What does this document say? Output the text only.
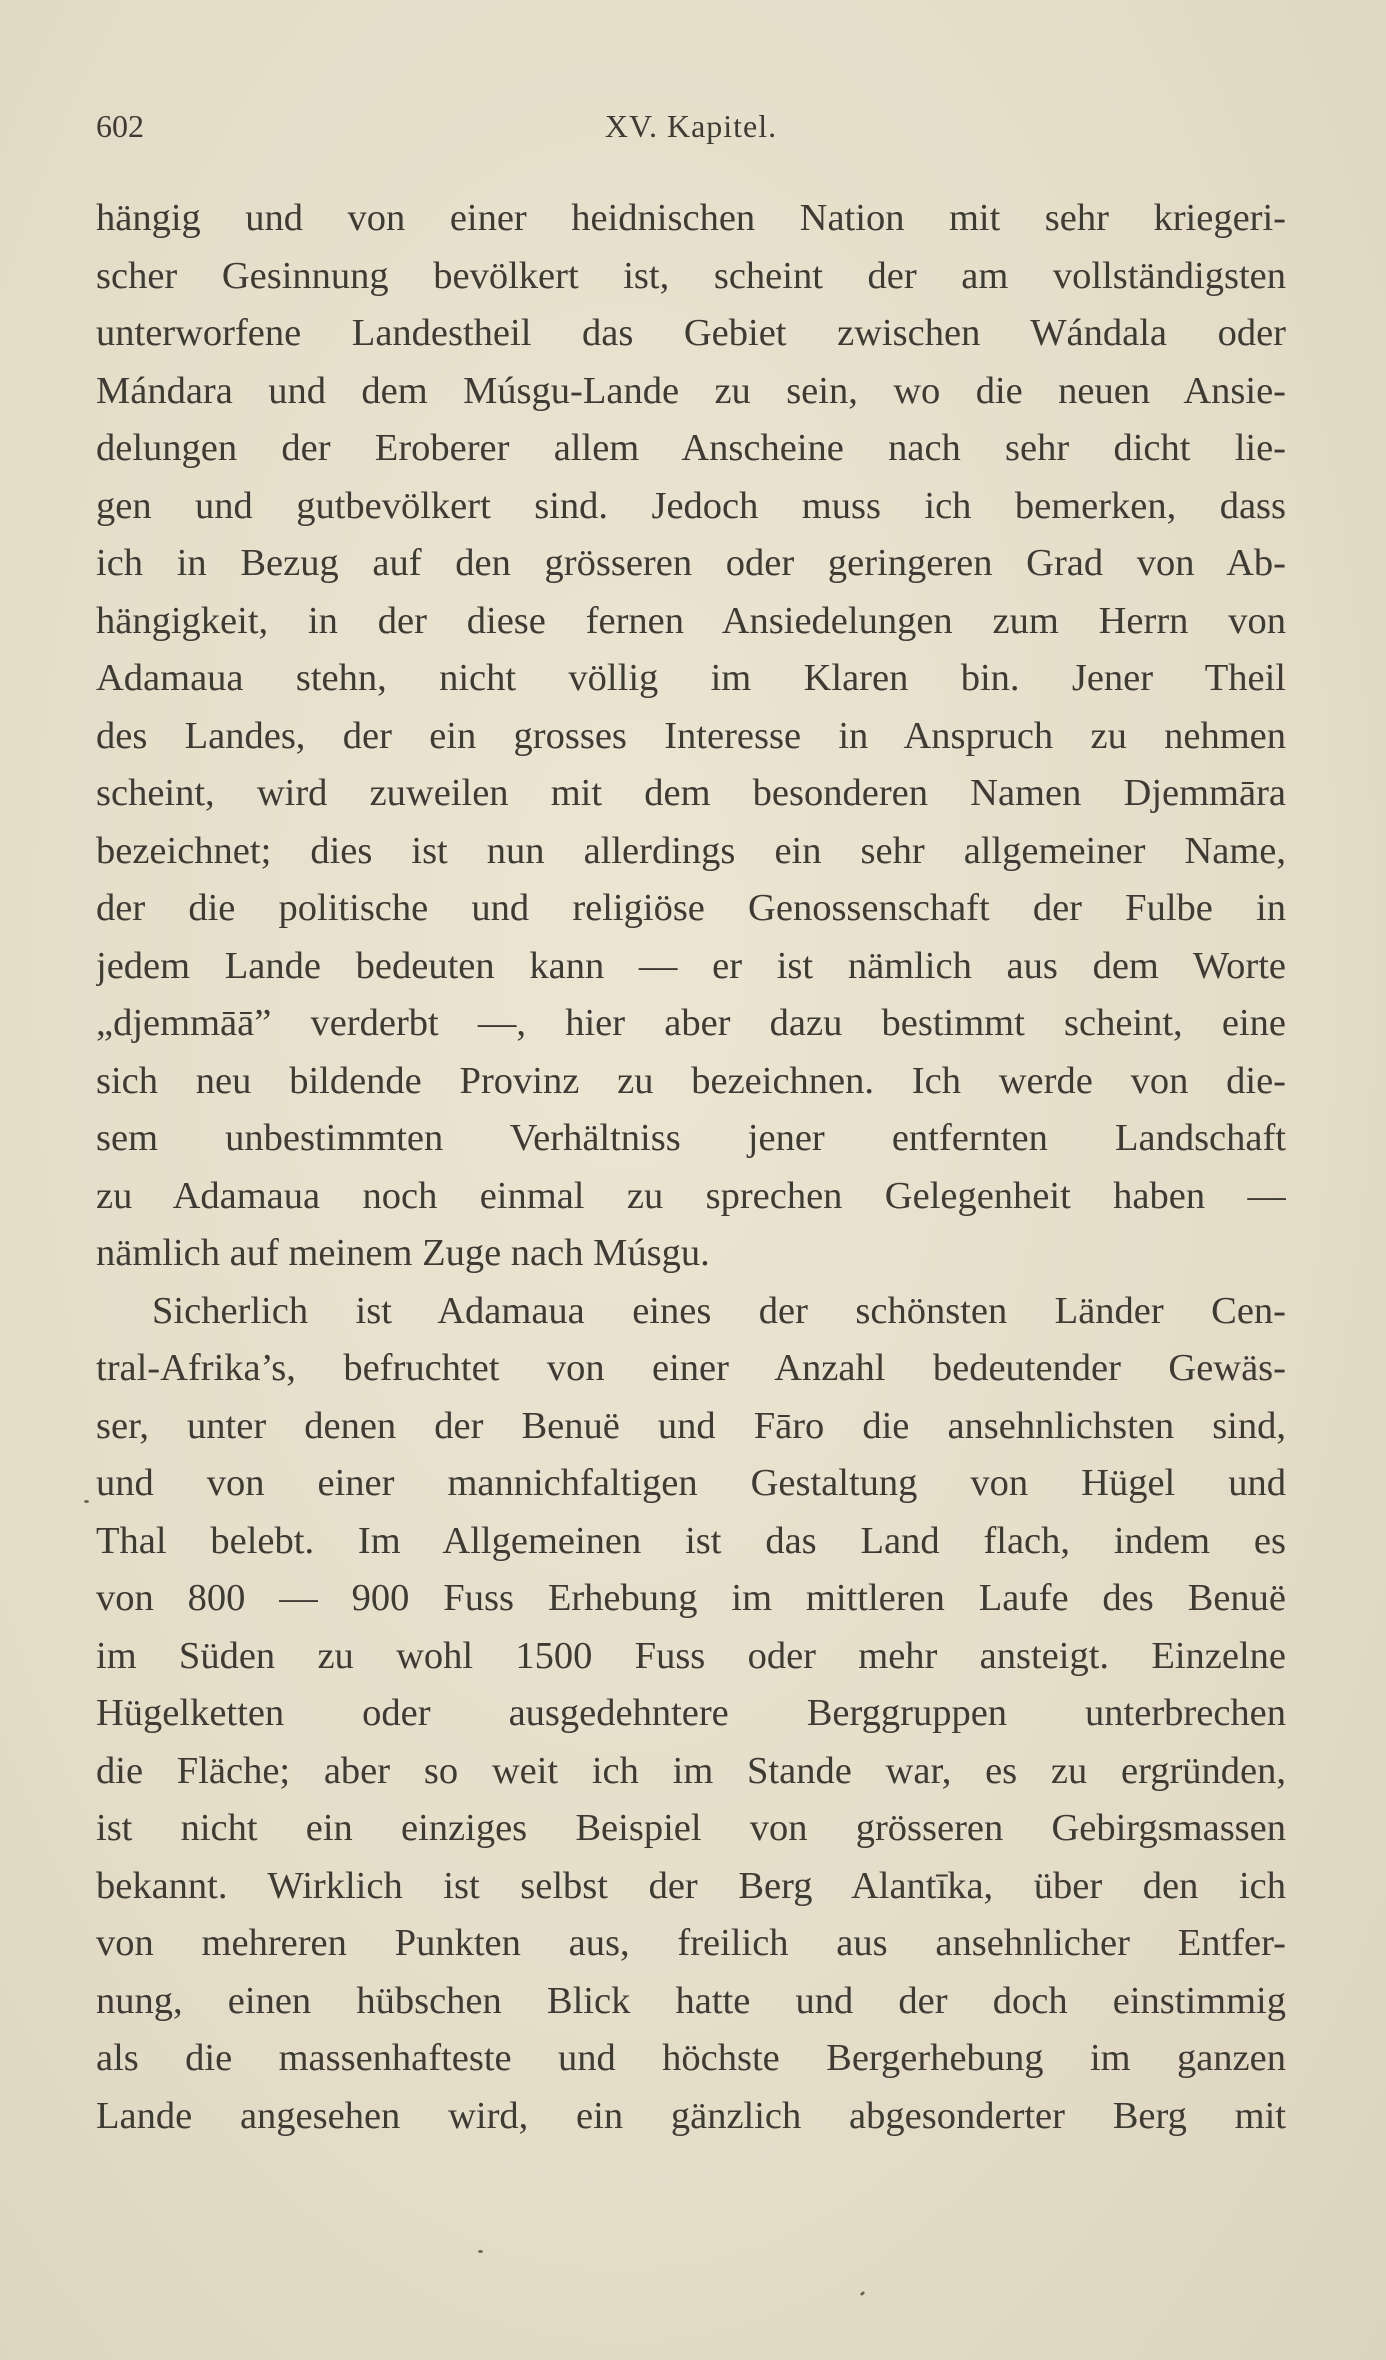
602	XV. Kapitel.
hängig und von einer heidnischen Nation mit sehr kriegeri-
scher Gesinnung bevölkert ist, scheint der am vollständigsten
unterworfene Landestheil das Gebiet zwischen Wándala oder
Mándara und dem Músgu-Lande zu sein, wo die neuen Ansie-
delungen der Eroberer allem Anscheine nach sehr dicht lie-
gen und gutbevölkert sind. Jedoch muss ich bemerken, dass
ich in Bezug auf den grösseren oder geringeren Grad von Ab-
hängigkeit, in der diese fernen Ansiedelungen zum Herrn von
Adamaua stehn, nicht völlig im Klaren bin. Jener Theil
des Landes, der ein grosses Interesse in Anspruch zu nehmen
scheint, wird zuweilen mit dem besonderen Namen Djemmāra
bezeichnet; dies ist nun allerdings ein sehr allgemeiner Name,
der die politische und religiöse Genossenschaft der Fulbe in
jedem Lande bedeuten kann — er ist nämlich aus dem Worte
„djemmāā” verderbt —, hier aber dazu bestimmt scheint, eine
sich neu bildende Provinz zu bezeichnen. Ich werde von die-
sem unbestimmten Verhältniss jener entfernten Landschaft
zu Adamaua noch einmal zu sprechen Gelegenheit haben —
nämlich auf meinem Zuge nach Músgu.
Sicherlich ist Adamaua eines der schönsten Länder Cen-
tral-Afrika’s, befruchtet von einer Anzahl bedeutender Gewäs-
ser, unter denen der Benuë und Fāro die ansehnlichsten sind,
und von einer mannichfaltigen Gestaltung von Hügel und
Thal belebt. Im Allgemeinen ist das Land flach, indem es
von 800 — 900 Fuss Erhebung im mittleren Laufe des Benuë
im Süden zu wohl 1500 Fuss oder mehr ansteigt. Einzelne
Hügelketten oder ausgedehntere Berggruppen unterbrechen
die Fläche; aber so weit ich im Stande war, es zu ergründen,
ist nicht ein einziges Beispiel von grösseren Gebirgsmassen
bekannt. Wirklich ist selbst der Berg Alantīka, über den ich
von mehreren Punkten aus, freilich aus ansehnlicher Entfer-
nung, einen hübschen Blick hatte und der doch einstimmig
als die massenhafteste und höchste Bergerhebung im ganzen
Lande angesehen wird, ein gänzlich abgesonderter Berg mit
